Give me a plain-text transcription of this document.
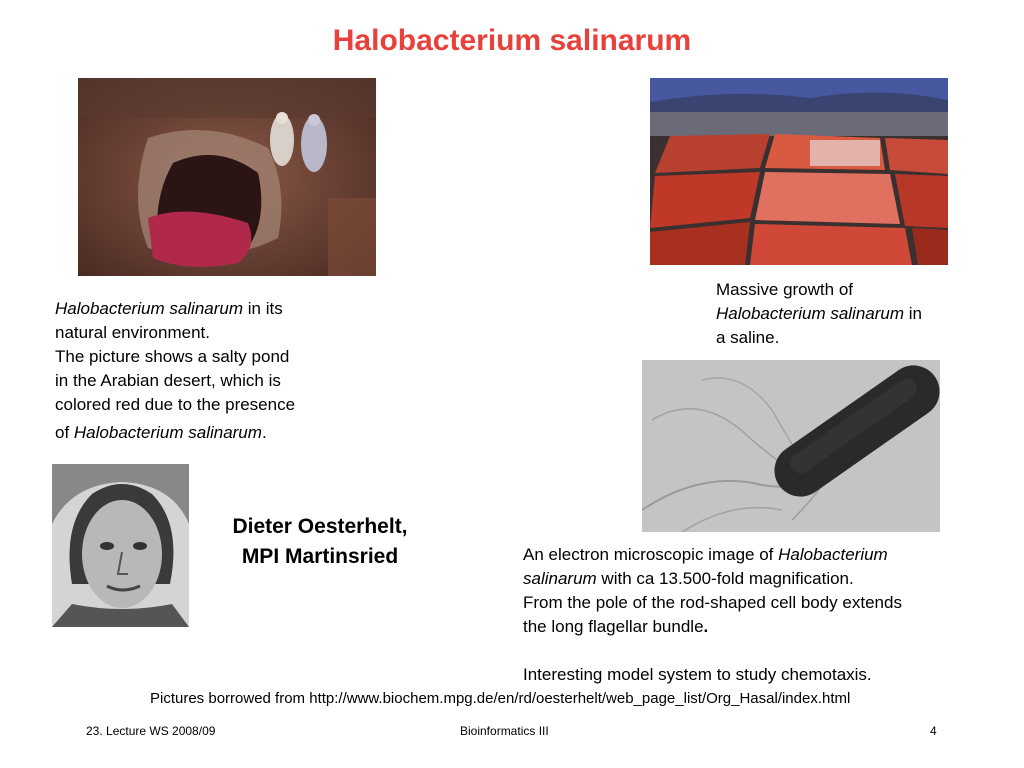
Halobacterium salinarum

Halobacterium salinarum in its

natural environment.

The picture shows a salty pond

in the Arabian desert, which is

colored red due to the presence

of Halobacterium salinarum.

Massive growth of

Halobacterium salinarum in

a saline.

Dieter Oesterhelt,
MPI Martinsried	An electron microscopic image of Halobacterium

salinarum with ca 13.500-fold magnification.

From the pole of the rod-shaped cell body extends

the long flagellar bundle.

Interesting model system to study chemotaxis.

Pictures borrowed from http://www.biochem.mpg.de/en/rd/oesterhelt/web_page_list/Org_Hasal/index.html
23. Lecture WS 2008/09	Bioinformatics III	4
